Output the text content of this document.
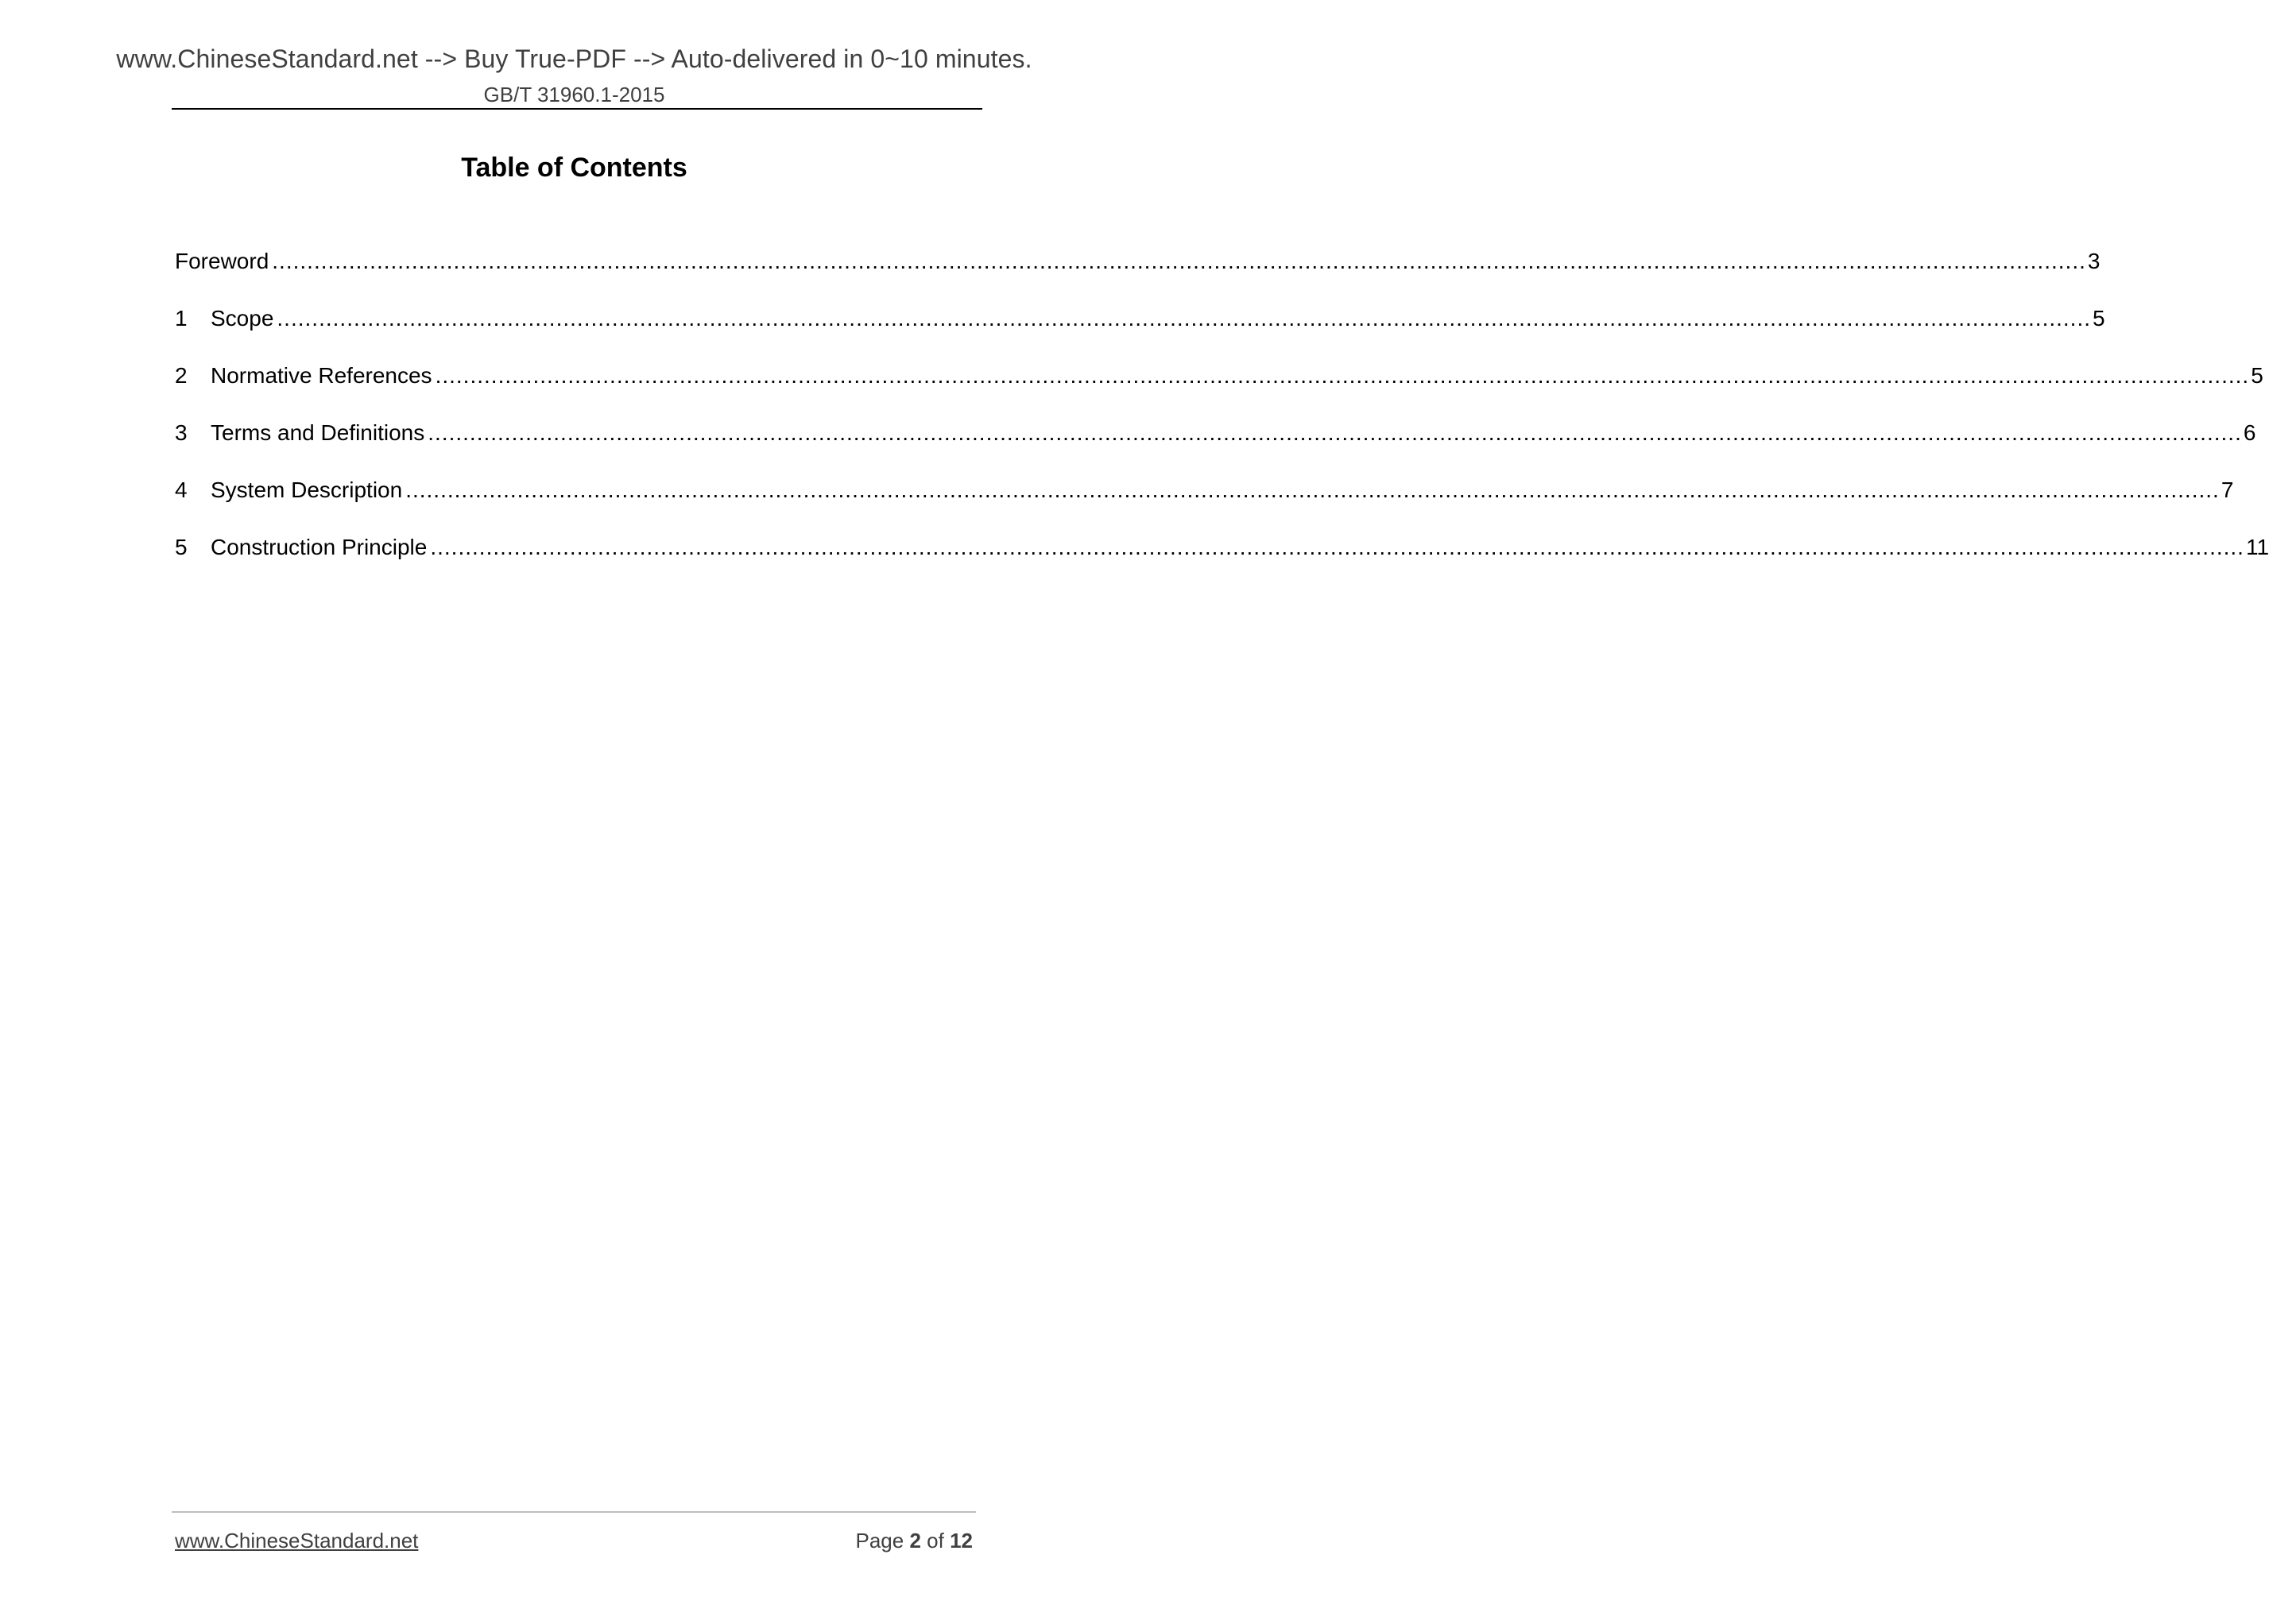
www.ChineseStandard.net --> Buy True-PDF --> Auto-delivered in 0~10 minutes.
GB/T 31960.1-2015
Table of Contents
Foreword .................................................................................................................................................................................................................................................................... 3
1	Scope .................................................................................................................................................................................................................................................................... 5
2	Normative References .................................................................................................................................................................................................................................................................... 5
3	Terms and Definitions .................................................................................................................................................................................................................................................................... 6
4	System Description .................................................................................................................................................................................................................................................................... 7
5	Construction Principle .................................................................................................................................................................................................................................................................... 11
www.ChineseStandard.net	Page 2 of 12
